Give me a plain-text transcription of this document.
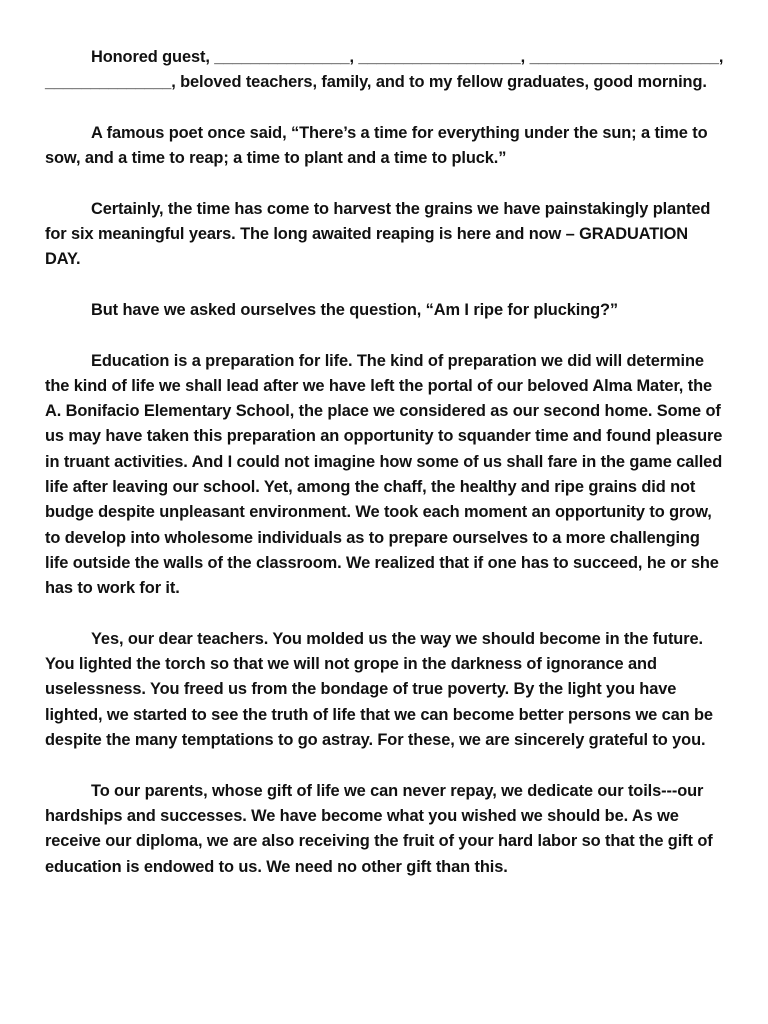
Honored guest, _______________, __________________, _____________________, ______________, beloved teachers, family, and to my fellow graduates, good morning.

A famous poet once said, “There’s a time for everything under the sun; a time to sow, and a time to reap; a time to plant and a time to pluck.”

Certainly, the time has come to harvest the grains we have painstakingly planted for six meaningful years. The long awaited reaping is here and now – GRADUATION DAY.

But have we asked ourselves the question, “Am I ripe for plucking?”

Education is a preparation for life. The kind of preparation we did will determine the kind of life we shall lead after we have left the portal of our beloved Alma Mater, the A. Bonifacio Elementary School, the place we considered as our second home. Some of us may have taken this preparation an opportunity to squander time and found pleasure in truant activities. And I could not imagine how some of us shall fare in the game called life after leaving our school. Yet, among the chaff, the healthy and ripe grains did not budge despite unpleasant environment. We took each moment an opportunity to grow, to develop into wholesome individuals as to prepare ourselves to a more challenging life outside the walls of the classroom. We realized that if one has to succeed, he or she has to work for it.

Yes, our dear teachers. You molded us the way we should become in the future. You lighted the torch so that we will not grope in the darkness of ignorance and uselessness. You freed us from the bondage of true poverty. By the light you have lighted, we started to see the truth of life that we can become better persons we can be despite the many temptations to go astray. For these, we are sincerely grateful to you.

To our parents, whose gift of life we can never repay, we dedicate our toils---our hardships and successes. We have become what you wished we should be. As we receive our diploma, we are also receiving the fruit of your hard labor so that the gift of education is endowed to us. We need no other gift than this.
